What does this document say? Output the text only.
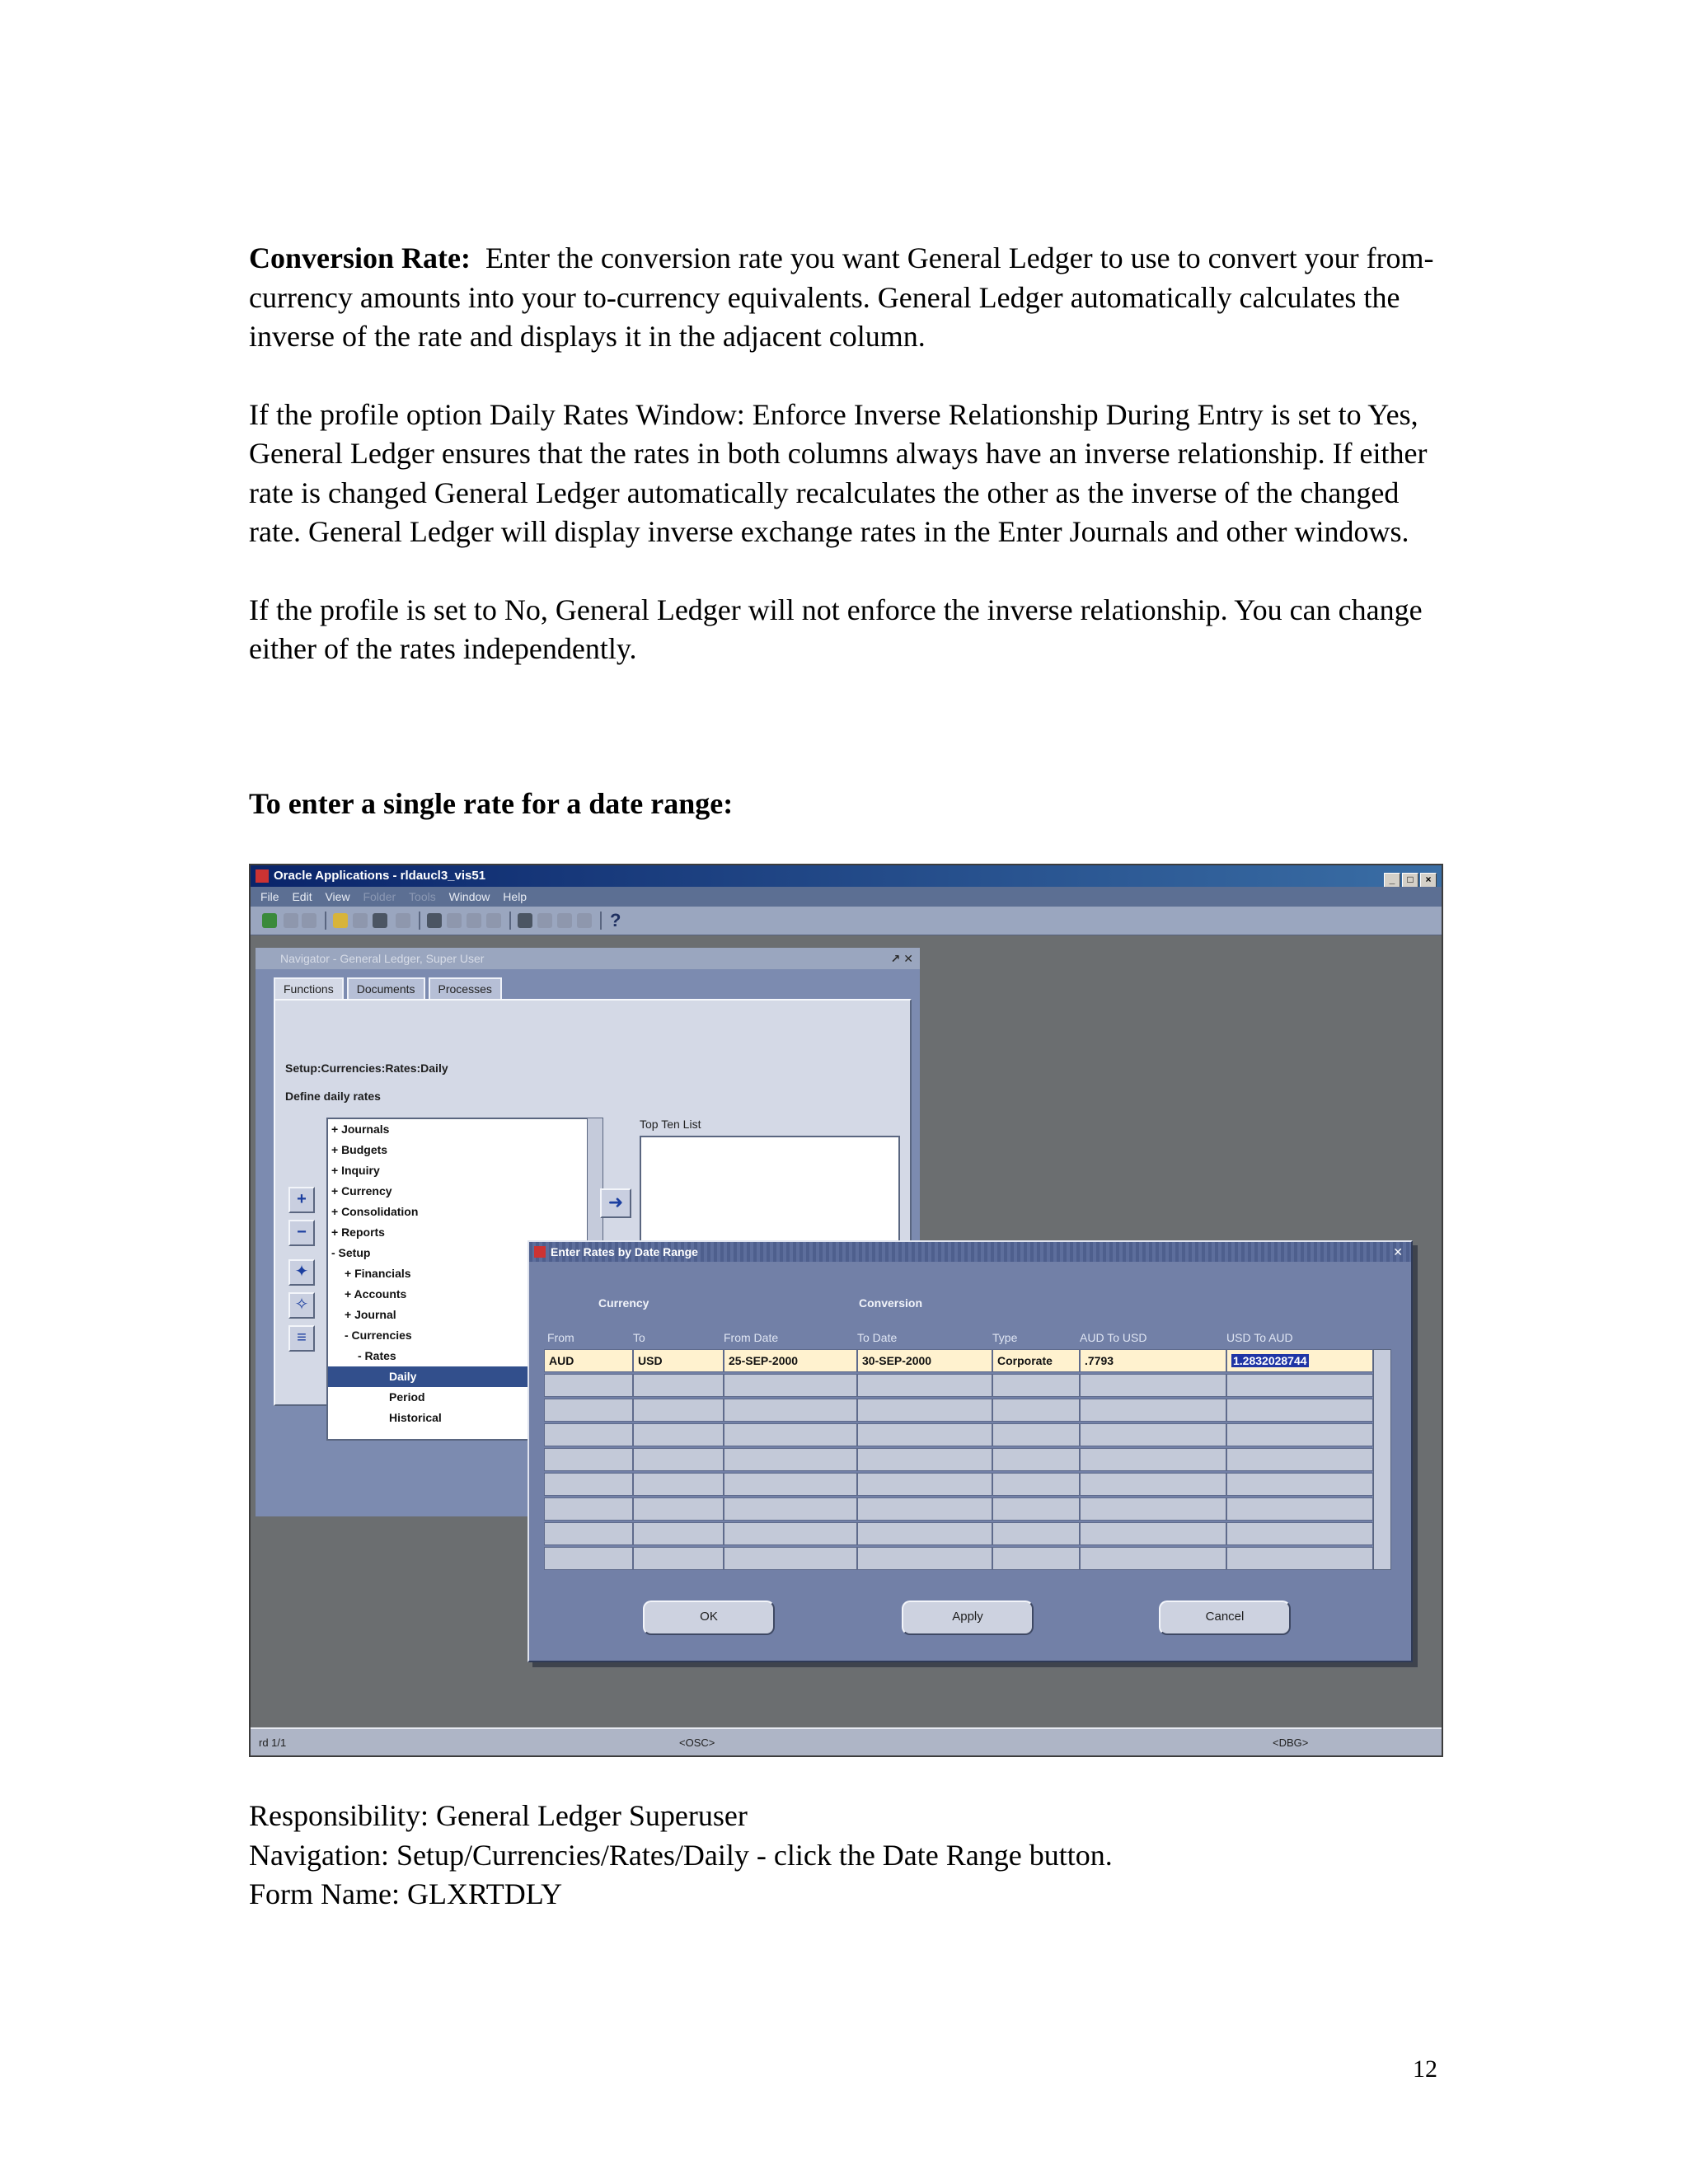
Conversion Rate: Enter the conversion rate you want General Ledger to use to convert your from-currency amounts into your to-currency equivalents. General Ledger automatically calculates the inverse of the rate and displays it in the adjacent column.

If the profile option Daily Rates Window: Enforce Inverse Relationship During Entry is set to Yes, General Ledger ensures that the rates in both columns always have an inverse relationship. If either rate is changed General Ledger automatically recalculates the other as the inverse of the changed rate. General Ledger will display inverse exchange rates in the Enter Journals and other windows.

If the profile is set to No, General Ledger will not enforce the inverse relationship. You can change either of the rates independently.

To enter a single rate for a date range:
Oracle Applications - rldaucl3_vis51	_ □ ×
File Edit View Folder Tools Window Help
?
Navigator - General Ledger, Super User	↗ ✕
Functions Documents Processes
Setup:Currencies:Rates:Daily
Define daily rates
+ Journals
+ Budgets
+ Inquiry
+ Currency
+ Consolidation
+ Reports
- Setup
+ Financials
+ Accounts
+ Journal
- Currencies
- Rates
Daily
Period
Historical
+
−
✦
✧
≡
➜
Top Ten List
Enter Rates by Date Range	✕
Currency	Conversion
From	To	From Date	To Date	Type	AUD To USD	USD To AUD
AUD	USD	25-SEP-2000	30-SEP-2000	Corporate	.7793	1.2832028744
OK	Apply	Cancel
rd 1/1	<OSC>	<DBG>
Responsibility: General Ledger Superuser
Navigation: Setup/Currencies/Rates/Daily - click the Date Range button.
Form Name: GLXRTDLY
12
